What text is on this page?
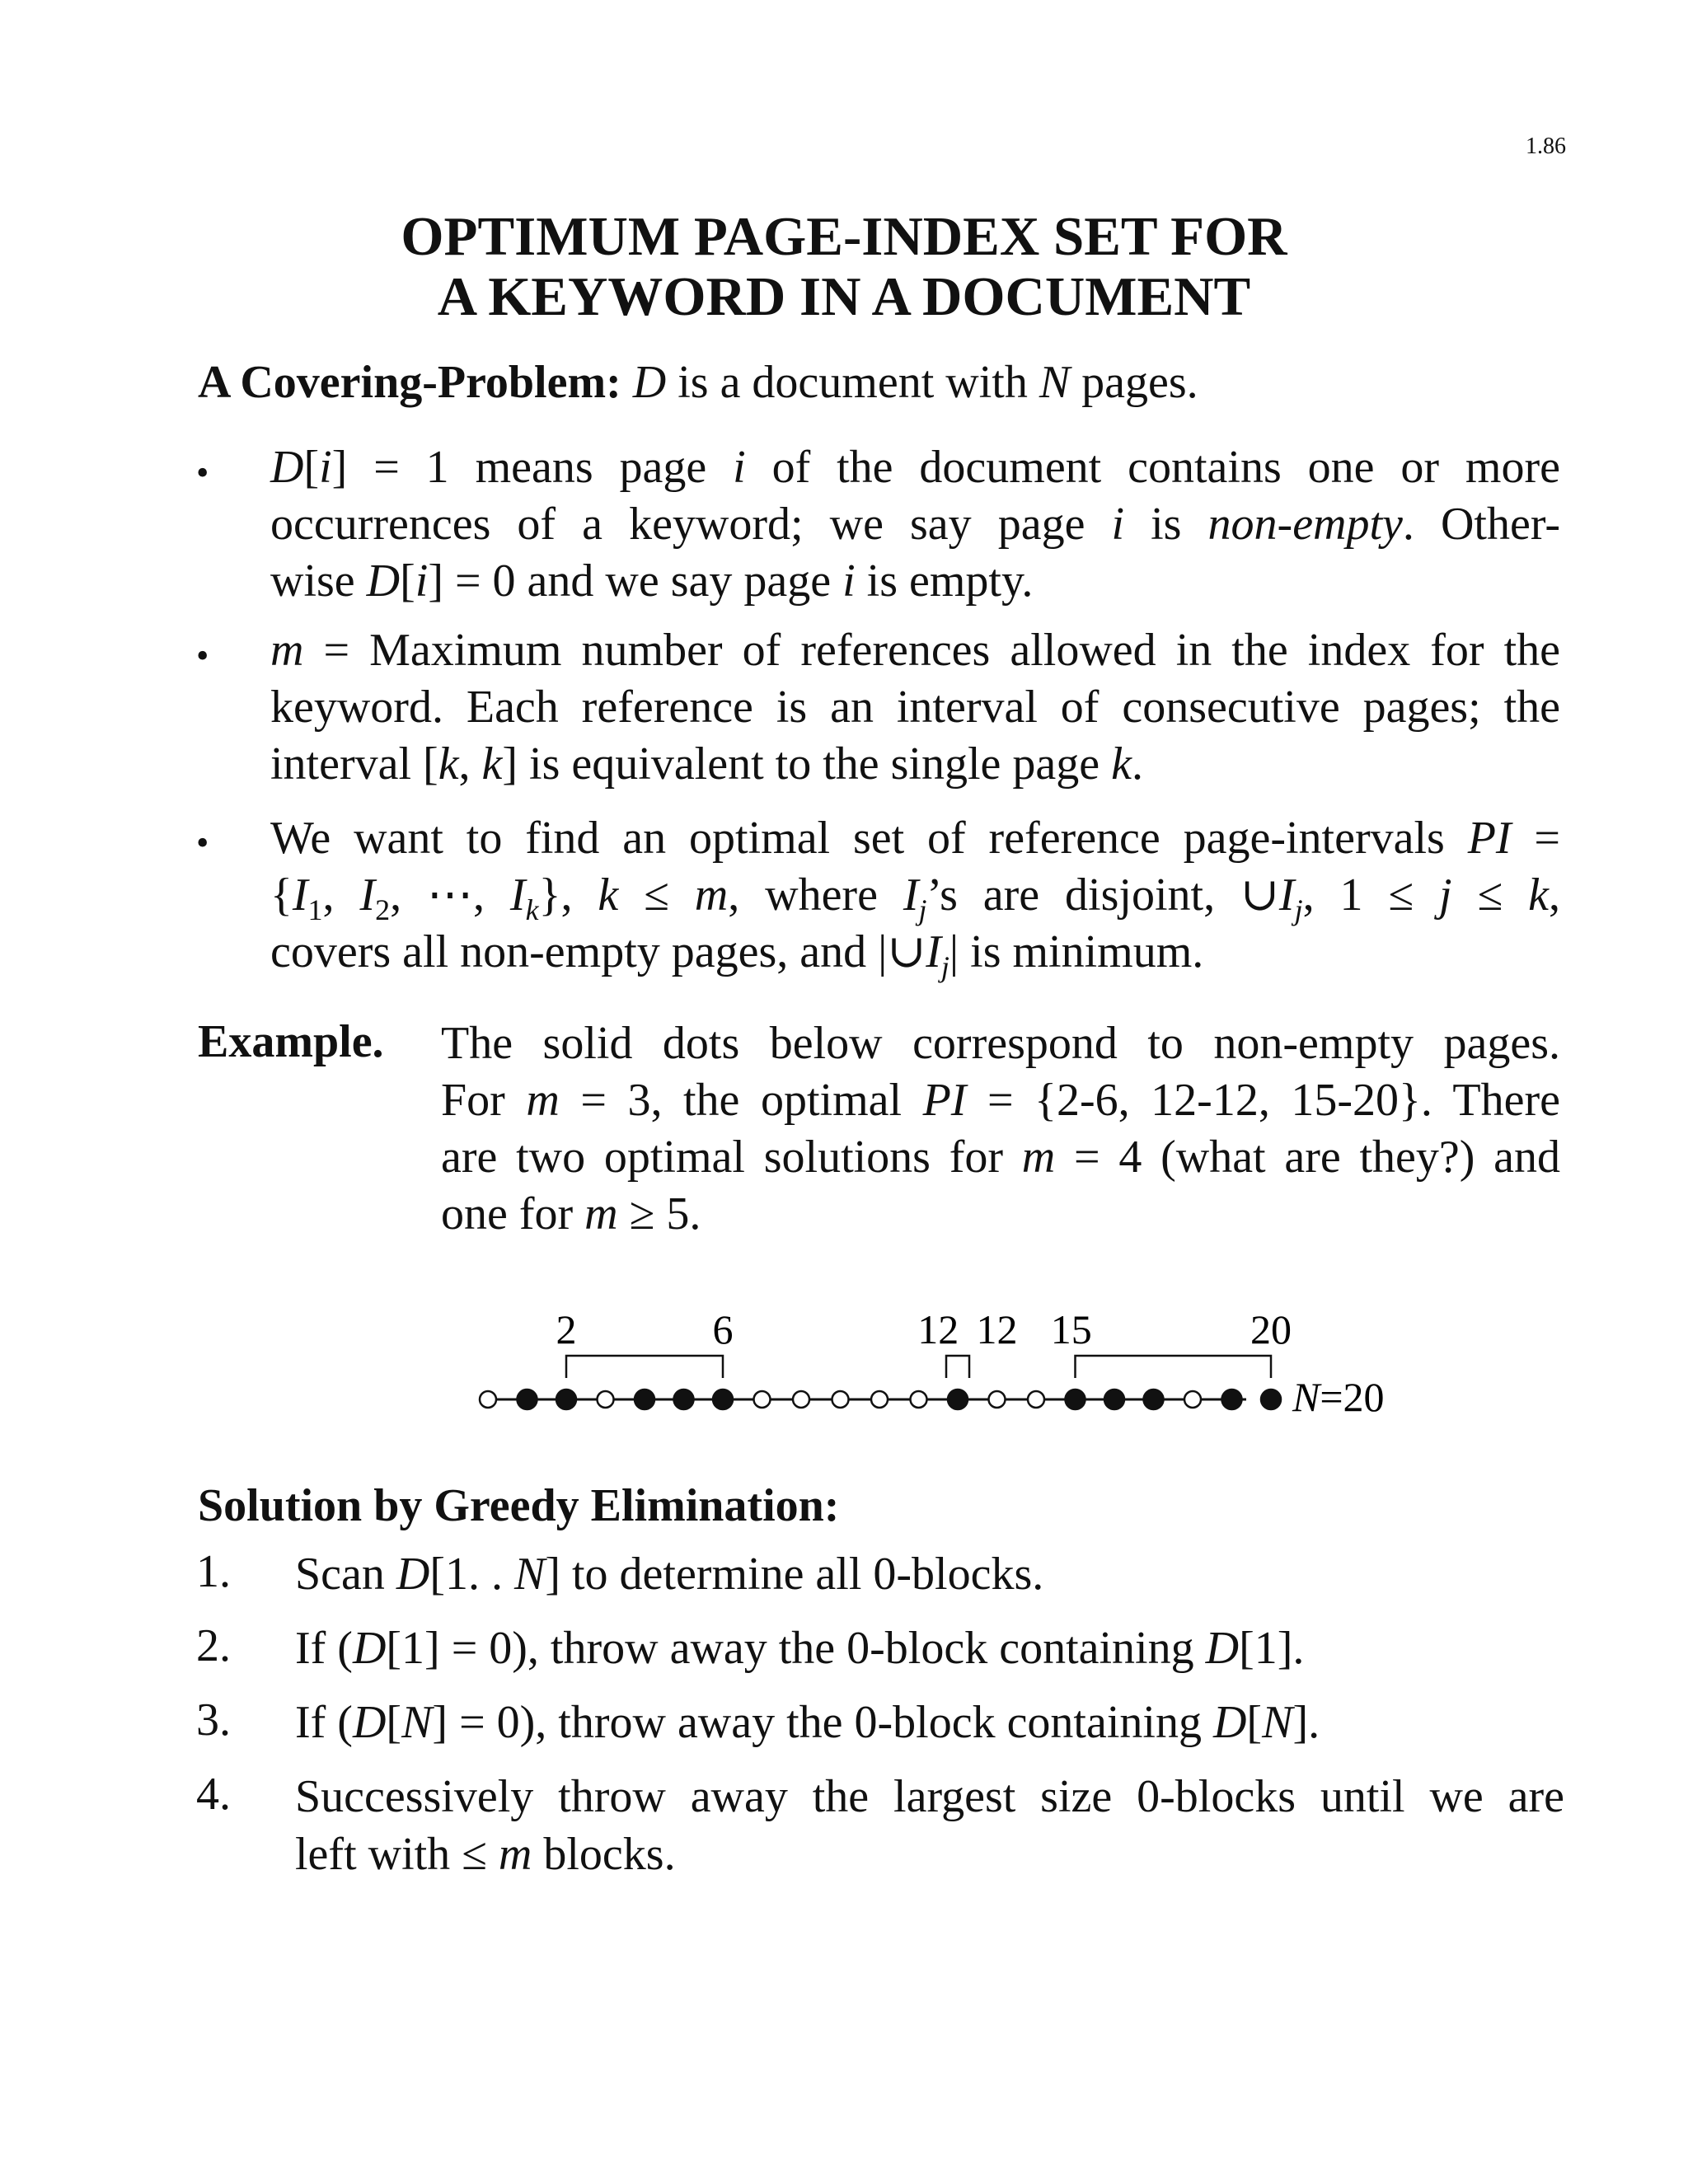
1.86
OPTIMUM PAGE-INDEX SET FOR
A KEYWORD IN A DOCUMENT
A Covering-Problem: D is a document with N pages.
• D[i] = 1 means page i of the document contains one or more
occurrences of a keyword; we say page i is non-empty. Other-
wise D[i] = 0 and we say page i is empty.
• m = Maximum number of references allowed in the index for the
keyword. Each reference is an interval of consecutive pages; the
interval [k, k] is equivalent to the single page k.
• We want to find an optimal set of reference page-intervals PI =
{$I_1$, $I_2$, ⋯, $I_k$}, k ≤ m, where $I_j’s$ are disjoint, $\cup I_j$, 1 ≤ j ≤ k,
covers all non-empty pages, and $|\cup I_j|$ is minimum.
Example. The solid dots below correspond to non-empty pages.
For m = 3, the optimal PI = {2-6, 12-12, 15-20}. There
are two optimal solutions for m = 4 (what are they?) and
one for m ≥ 5.
2	6	12 12 15	20
N=20
Solution by Greedy Elimination:
1. Scan D[1. . N] to determine all 0-blocks.
2. If (D[1] = 0), throw away the 0-block containing D[1].
3. If (D[N] = 0), throw away the 0-block containing D[N].
4. Successively throw away the largest size 0-blocks until we are
left with ≤ m blocks.
